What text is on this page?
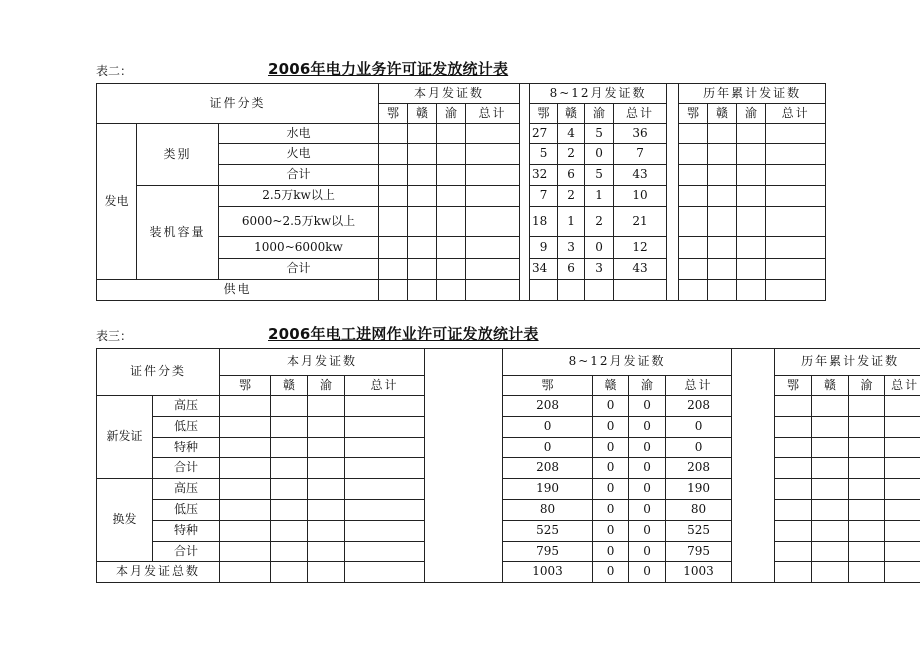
表二：	2006年电力业务许可证发放统计表
证件分类			本月发证数					8~12月发证数					历年累计发证数			
			鄂	赣	渝	总计		鄂	赣	渝	总计		鄂	赣	渝	总计
发电	类别	水电						27	4	5	36					
		火电						5	2	0	7					
		合计						32	6	5	43					
	装机容量	2.5万kw以上						7	2	1	10					
		6000~2.5万kw以上						18	1	2	21					
		1000~6000kw						9	3	0	12					
		合计						34	6	3	43					
供电																
表三：	2006年电工进网作业许可证发放统计表
证件分类		本月发证数					8~12月发证数					历年累计发证数			
		鄂	赣	渝	总计		鄂	赣	渝	总计		鄂	赣	渝	总计
新发证	高压						208	0	0	208					
	低压						0	0	0	0					
	特种						0	0	0	0					
	合计						208	0	0	208					
换发	高压						190	0	0	190					
	低压						80	0	0	80					
	特种						525	0	0	525					
	合计						795	0	0	795					
本月发证总数							1003	0	0	1003					
